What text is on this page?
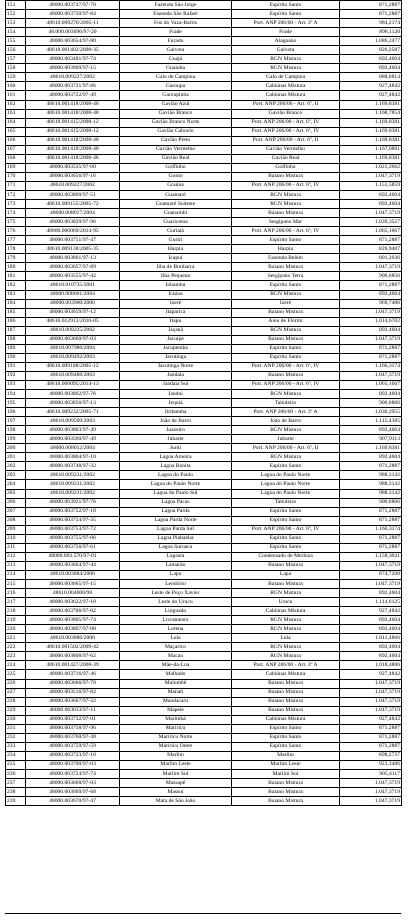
151	48000.003747/97-70	Fazenda São Jorge	Espírito Santo	871,2887
152	48000.003750/97-84	Fazenda São Rafael	Espírito Santo	871,2887
153	48610.009276/2005-11	Foz do Vaza-Barris	Port. ANP 206/00 - Art. 3º A	984,2174
154	48.000.003696/97-20	Frade	Frade	898,1120
155	48000.003654/97-80	Furado	Alagoano	1.086,2477
156	48610.001402/2008-35	Gaivota	Gaivota	826,2587
157	48000.003481/97-74	Guajá	RGN Mistura	892,4604
158	48000.003969/97-15	Guaiuba	RGN Mistura	892,4604
159	48610.009227/2002	Galo de Campina	Galo de Campina	888,6814
160	48000.003721/97-86	Garoupa	Cabiúnas Mistura	927,4842
161	48000.003722/97-49	Garoupinha	Cabiúnas Mistura	927,4842
162	48610.001418/2008-48	Gavião Azul	Port. ANP 206/00 - Art. 6º, II	1.169,8381
163	48610.001418/2008-48	Gavião Branco	Gavião Branco	1.168,7854
164	48610.001415/2008-12	Gavião Branco Norte	Port. ANP 206/00 - Art. 6º, IV	1.169,8381
165	48610.001415/2008-12	Gavião Caboclo	Port. ANP 206/00 - Art. 6º, IV	1.169,8381
166	48610.001418/2008-48	Gavião Preto	Port. ANP 206/00 - Art. 6º, II	1.169,8381
167	48610.001418/2008-48	Gavião Vermelho	Gavião Vermelho	1.167,0881
168	48610.001418/2008-48	Gavião Real	Gavião Real	1.169,8381
169	48000.003535/97-00	Golfinho	Golfinho	1.021,2662
170	48000.003656/97-16	Gomo	Baiano Mistura	1.047,3719
171	48610.009227/2002	Graúna	Port. ANP 206/00 - Art. 6º, IV	1.151,5859
172	48000.003800/97-51	Guamaré	RGN Mistura	892,4604
173	48610.009155/2005-72	Guamaré Sudeste	RGN Mistura	892,4604
174	48000.008017/2004	Guanambi	Baiano Mistura	1.047,3719
175	48000.003839/97-96	Guaricema	Sergipano Mar	1.039,3527
176	48000.000069/2014-95	Guriatã	Port. ANP 206/00 - Art. 6º, IV	1.065,1667
177	48000.003751/97-47	Guriri	Espírito Santo	871,2887
178	48610.009138/2005-35	Harpia	Harpia	826,9407
179	48000.003801/97-13	Icapuí	Fazenda Belém	801,2036
180	48000.003657/97-89	Ilha de Bimbarra	Baiano Mistura	1.047,3719
181	48000.003555/97-42	Ilha Pequena	Sergipano Terra	900,6856
182	48610.010735/2001	Inhambu	Espírito Santo	871,2887
183	48000.008001/2004	Iraúna	RGN Mistura	892,4604
184	48000.003900/2000	Izeré	Izeré	969,7486
185	48000.003659/97-12	Itaparica	Baiano Mistura	1.047,3719
186	48610.012913/2010-05	Itapu	Área de Florim	1.014,6702
187	48610.009225/2002	Jaçanã	RGN Mistura	892,4604
188	48000.003660/97-03	Jacuípe	Baiano Mistura	1.047,3719
189	48610.007986/2004	Jacupemba	Espírito Santo	871,2887
190	48610.009492/2003	Jacutinga	Espírito Santo	871,2887
191	48610.009188/2005-12	Jacutinga Norte	Port. ANP 206/00 - Art. 6º, IV	1.166,3174
192	48610.009488/2003	Jandaia	Baiano Mistura	1.047,3719
193	48610.000095/2014-13	Jandaia Sul	Port. ANP 206/00 - Art. 6º, IV	1.065,1667
194	48000.003802/97-76	Jandui	RGN Mistura	892,4604
195	48000.003856/97-13	Jequiá	Tabuleiro	900,6806
196	48610.009232/2005-71	Jiribatuba	Port. ANP 206/00 - Art. 3º A	1.030,2955
197	48610.009509/2003	João de Barro	João de Barro	1.115,4385
198	48000.003803/97-49	Juazeiro	RGN Mistura	892,4604
199	48000.003560/97-49	Jubarte	Jubarte	907,9113
200	48000.008012/2004	Juriti	Port. ANP 206/00 - Art. 6º, II	1.169,8381
201	48000.003804/97-10	Lagoa Aroeira	RGN Mistura	892,4604
202	48000.003748/97-32	Lagoa Bonita	Espírito Santo	871,2887
203	48610.009231/2002	Lagoa do Paulo	Lagoa do Paulo Norte	988,3142
204	48610.009231/2002	Lagoa do Paulo Norte	Lagoa do Paulo Norte	988,3142
205	48610.009231/2002	Lagoa do Paulo Sul	Lagoa do Paulo Norte	988,3142
206	48000.003921/97-76	Lagoa Pacas	Tabuleiro	900,6806
207	48000.003752/97-18	Lagoa Parda	Espírito Santo	871,2887
208	48000.003754/97-35	Lagoa Parda Norte	Espírito Santo	871,2887
209	48000.003753/97-72	Lagoa Parda Sul	Port. ANP 206/00 - Art. 6º, IV	1.166,3174
210	48000.003755/97-06	Lagoa Piabanha	Espírito Santo	871,2887
211	48000.003756/97-61	Lagoa Suruaca	Espírito Santo	871,2887
212	48000.003.570/97-01	Lagosta	Condensado de Merluza	1.158,3021
213	48000.003664/97-44	Lamarão	Baiano Mistura	1.047,3719
214	48610.003884/2000	Lapa	Lapa	874,7208
215	48000.003665/97-15	Leodório	Baiano Mistura	1.047,3719
216	48610.004000/98	Leste de Poço Xavier	RGN Mistura	892,4604
217	48000.003622/97-18	Leste do Urucu	Urucu	1.114,6125
218	48000.003706/97-02	Linguado	Cabiúnas Mistura	927,4842
219	48000.003805/97-74	Livramento	RGN Mistura	892,4604
220	48000.003807/97-08	Lorena	RGN Mistura	892,4604
221	48610.003886/2000	Lula	Lula	1.011,4866
222	48610.001502/2009-42	Maçarico	RGN Mistura	892,4604
223	48000.003808/97-62	Macau	RGN Mistura	892,4604
224	48610.001427/2008-39	Mãe-da-Lua	Port. ANP 206/00 - Art. 3º A	1.018,4806
225	48000.003716/97-46	Malhado	Cabiúnas Mistura	927,4842
226	48000.003666/97-70	Malombê	Baiano Mistura	1.047,3719
227	48000.003516/97-82	Manati	Baiano Mistura	1.047,3719
228	48000.003667/97-32	Mandacaru	Baiano Mistura	1.047,3719
229	48000.003633/97-11	Mapele	Baiano Mistura	1.047,3719
230	48000.003732/97-01	Marimbá	Cabiúnas Mistura	927,4842
231	48000.003758/97-96	Mariricu	Espírito Santo	871,2887
232	48000.003760/97-38	Mariricu Norte	Espírito Santo	871,2887
233	48000.003759/97-59	Mariricu Oeste	Espírito Santo	871,2887
234	48000.003723/97-10	Marlim	Marlim	898,2737
235	48000.003700/97-03	Marlim Leste	Marlim Leste	923,3406
236	48000.003724/97-74	Marlim Sul	Marlim Sul	905,4117
237	48000.003668/97-03	Massapê	Baiano Mistura	1.047,3719
238	48000.003669/97-68	Massuí	Baiano Mistura	1.047,3719
239	48000.003670/97-47	Mata de São João	Baiano Mistura	1.047,3719
